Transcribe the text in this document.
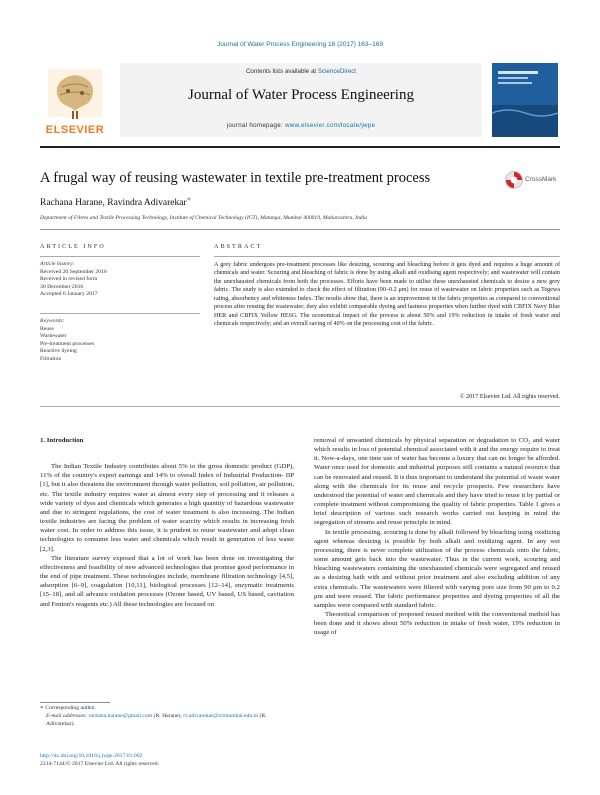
Journal of Water Process Engineering 16 (2017) 163–169
ELSEVIER
Contents lists available at ScienceDirect
Journal of Water Process Engineering
journal homepage: www.elsevier.com/locate/jwpe
A frugal way of reusing wastewater in textile pre-treatment process	CrossMark
Rachana Harane, Ravindra Adivarekar∗
Department of Fibres and Textile Processing Technology, Institute of Chemical Technology (ICT), Matunga, Mumbai 400019, Maharashtra, India
ARTICLE INFO	ABSTRACT
Article history:
Received 20 September 2016
Received in revised form
30 December 2016
Accepted 6 January 2017
Keywords:
Reuse
Wastewater
Pre-treatment processes
Reactive dyeing
Filtration
A grey fabric undergoes pre-treatment processes like desizing, scouring and bleaching before it gets dyed and requires a huge amount of chemicals and water. Scouring and bleaching of fabric is done by using alkali and oxidising agent respectively; and wastewater will contain the unexhausted chemicals from both the processes. Efforts have been made to utilise these unexhausted chemicals to desize a new grey fabric. The study is also extended to check the effect of filtration (90–0.2 μm) for reuse of wastewater on fabric properties such as Tegewa rating, absorbency and whiteness Index. The results show that, there is an improvement in the fabric properties as compared to conventional process after reusing the wastewater; they also exhibit comparable dyeing and fastness properties when further dyed with CBFIX Navy Blue HER and CBFIX Yellow HE6G. The economical impact of the process is about 50% and 19% reduction in intake of fresh water and chemicals respectively; and an overall saving of 40% on the processing cost of the fabric.
© 2017 Elsevier Ltd. All rights reserved.
1. Introduction

The Indian Textile Industry contributes about 5% to the gross domestic product (GDP), 11% of the country's export earnings and 14% to overall Index of Industrial Production- IIP [1], but it also threatens the environment through water pollution, soil pollution, air pollution, etc. The textile industry requires water at almost every step of processing and it releases a wide variety of dyes and chemicals which generates a high quantity of hazardous wastewater and due to stringent regulations, the cost of water treatment is also increasing. The Indian textile industries are facing the problem of water scarcity which results in increasing fresh water cost. In order to address this issue, it is prudent to reuse wastewater and adopt clean technologies to consume less water and chemicals which result in generation of less waste [2,3].

The literature survey exposed that a lot of work has been done on investigating the effectiveness and feasibility of new advanced technologies that promise good performance in the end of pipe treatment. These technologies include, membrane filtration technology [4,5], adsorption [6–9], coagulation [10,11], biological processes [12–14], enzymatic treatments [15–18], and all advance oxidation processes (Ozone based, UV based, US based, cavitation and Fenton's reagents etc.) All these technologies are focused on

removal of unwanted chemicals by physical separation or degradation to CO₂ and water which results in loss of potential chemical associated with it and the energy require to treat it. Now-a-days, one time use of water has become a luxury that can no longer be afforded. Water once used for domestic and industrial purposes still contains a natural resource that can be renovated and reused. It is thus important to understand the potential of waste water along with the chemicals for its reuse and recycle prospects. Few researchers have understood the potential of water and chemicals and they have tried to reuse it by partial or complete treatment without compromising the quality of fabric properties. Table 1 gives a brief description of various such research works carried out keeping in mind the segregation of streams and reuse principle in mind.

In textile processing, scouring is done by alkali followed by bleaching using oxidizing agent whereas desizing is possible by both alkali and oxidizing agent. In any wet processing, there is never complete utilization of the process chemicals onto the fabric, some amount gets back into the wastewater. Thus in the current work, scouring and bleaching wastewaters containing the unexhausted chemicals were segregated and reused as a desizing bath with and without prior treatment and also excluding addition of any extra chemicals. The wastewaters were filtered with varying pore size from 90 μm to 0.2 μm and were reused. The fabric performance properties and dyeing properties of all the samples were compared with standard fabric.

Theoretical comparison of proposed reused method with the conventional method has been done and it shows about 50% reduction in intake of fresh water, 19% reduction in usage of

∗ Corresponding author.
E-mail addresses: rachana.harane@gmail.com (R. Harane), rv.adivarekar@ictmumbai.edu.in (R. Adivarekar).
http://dx.doi.org/10.1016/j.jwpe.2017.01.002
2214-7144/© 2017 Elsevier Ltd. All rights reserved.
